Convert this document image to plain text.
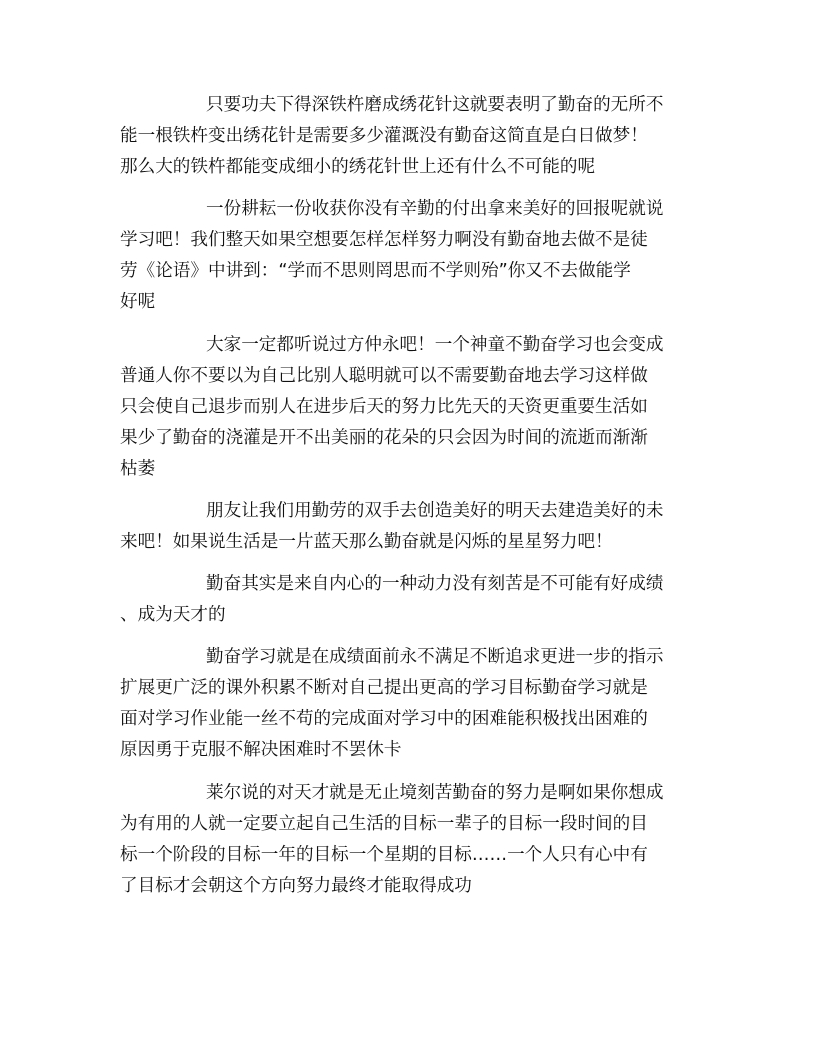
只要功夫下得深铁杵磨成绣花针这就要表明了勤奋的无所不
能一根铁杵变出绣花针是需要多少灌溉没有勤奋这简直是白日做梦！
那么大的铁杵都能变成细小的绣花针世上还有什么不可能的呢

一份耕耘一份收获你没有辛勤的付出拿来美好的回报呢就说
学习吧！我们整天如果空想要怎样怎样努力啊没有勤奋地去做不是徒
劳《论语》中讲到：“学而不思则罔思而不学则殆”你又不去做能学
好呢

大家一定都听说过方仲永吧！一个神童不勤奋学习也会变成
普通人你不要以为自己比别人聪明就可以不需要勤奋地去学习这样做
只会使自己退步而别人在进步后天的努力比先天的天资更重要生活如
果少了勤奋的浇灌是开不出美丽的花朵的只会因为时间的流逝而渐渐
枯萎

朋友让我们用勤劳的双手去创造美好的明天去建造美好的未
来吧！如果说生活是一片蓝天那么勤奋就是闪烁的星星努力吧！

勤奋其实是来自内心的一种动力没有刻苦是不可能有好成绩
、成为天才的

勤奋学习就是在成绩面前永不满足不断追求更进一步的指示
扩展更广泛的课外积累不断对自己提出更高的学习目标勤奋学习就是
面对学习作业能一丝不苟的完成面对学习中的困难能积极找出困难的
原因勇于克服不解决困难时不罢休卡

莱尔说的对天才就是无止境刻苦勤奋的努力是啊如果你想成
为有用的人就一定要立起自己生活的目标一辈子的目标一段时间的目
标一个阶段的目标一年的目标一个星期的目标……一个人只有心中有
了目标才会朝这个方向努力最终才能取得成功
